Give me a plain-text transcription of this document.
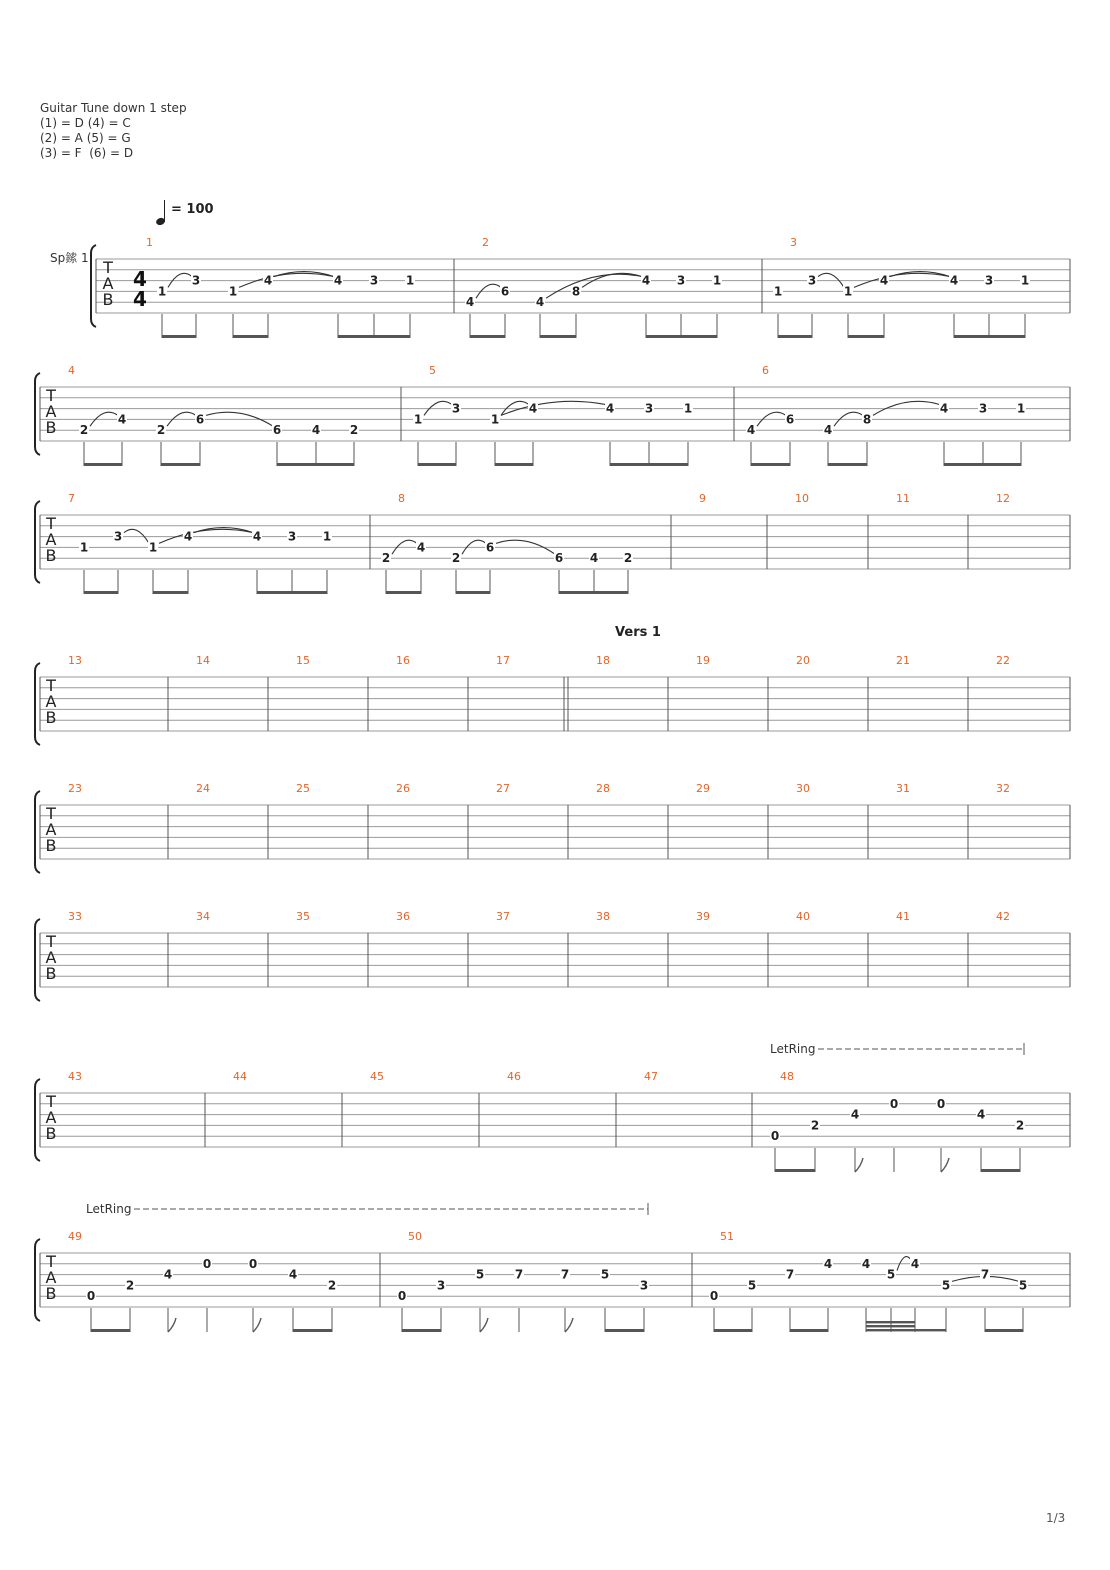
Guitar Tune down 1 step
(1) = D (4) = C
(2) = A (5) = G
(3) = F  (6) = D
= 100
T
A
B
4
4
Sp鎍 1
1
1
3
1
4	4 3 1
2
4
6
4
8
4 3 1
3
1
3
1
4	4 3 1
T
A
B
4
2
4
2
6
6	4 2
5
1
3
1
4	4	3	1
6
4
6
4
8
4	3 1
T
A
B
7
1
3
1
4	4 3 1
8
2
4
2
6
6 4 2
9	10	11	12
T
A
B
13	14	15	16	17	18	19	20	21	22
T
A
B
23	24	25	26	27	28	29	30	31	32
T
A
B
33	34	35	36	37	38	39	40	41	42
T
A
B
43	44	45	46	47	48
0
2
4
0	0
4
2
T
A
B
49
0
2
4
0	0
4
2
50
0
3
5	7	7	5
3
51
0
5
7
4 4
5
4
5
7
5
Vers 1
LetRing
LetRing
1/3
